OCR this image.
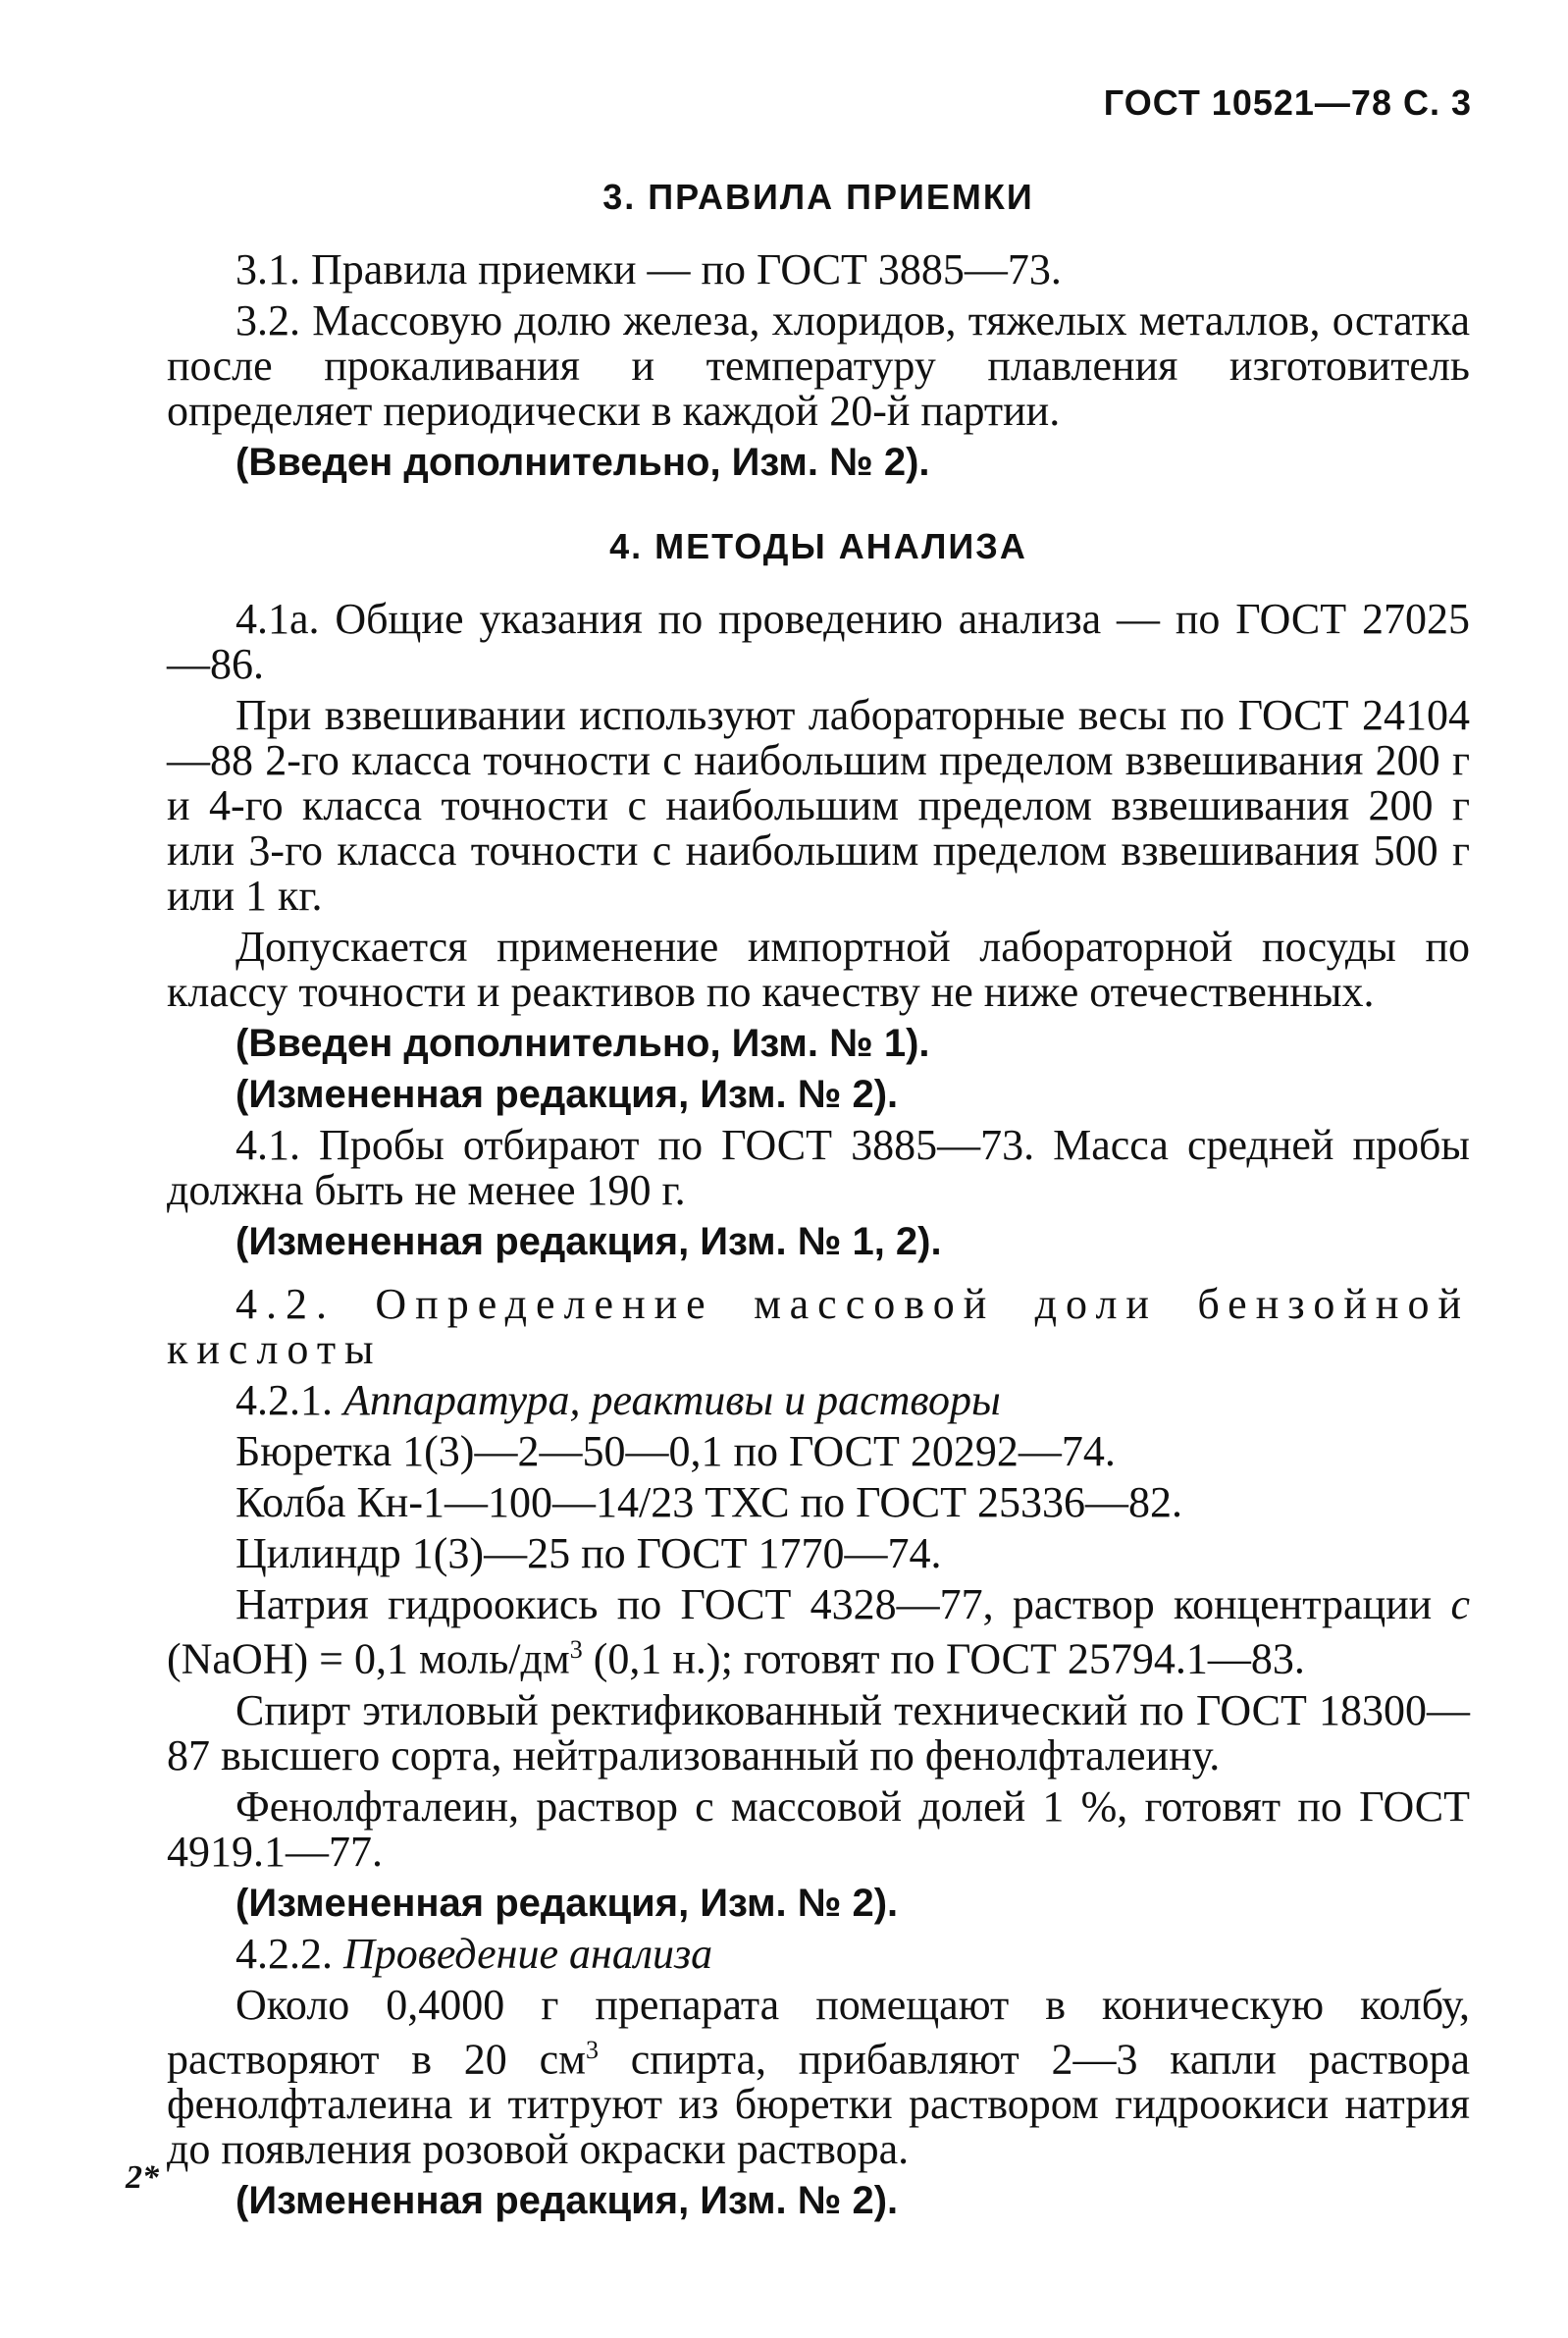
ГОСТ 10521—78 С. 3
3. ПРАВИЛА ПРИЕМКИ

3.1. Правила приемки — по ГОСТ 3885—73.

3.2. Массовую долю железа, хлоридов, тяжелых металлов, остатка после прокаливания и температуру плавления изготовитель определяет периодически в каждой 20-й партии.

(Введен дополнительно, Изм. № 2).

4. МЕТОДЫ АНАЛИЗА

4.1а. Общие указания по проведению анализа — по ГОСТ 27025—86.

При взвешивании используют лабораторные весы по ГОСТ 24104—88 2-го класса точности с наибольшим пределом взвешивания 200 г и 4-го класса точности с наибольшим пределом взвешивания 200 г или 3-го класса точности с наибольшим пределом взвешивания 500 г или 1 кг.

Допускается применение импортной лабораторной посуды по классу точности и реактивов по качеству не ниже отечественных.

(Введен дополнительно, Изм. № 1).

(Измененная редакция, Изм. № 2).

4.1. Пробы отбирают по ГОСТ 3885—73. Масса средней пробы должна быть не менее 190 г.

(Измененная редакция, Изм. № 1, 2).

4.2. Определение массовой доли бензойной кислоты

4.2.1. Аппаратура, реактивы и растворы

Бюретка 1(3)—2—50—0,1 по ГОСТ 20292—74.

Колба Кн-1—100—14/23 ТХС по ГОСТ 25336—82.

Цилиндр 1(3)—25 по ГОСТ 1770—74.

Натрия гидроокись по ГОСТ 4328—77, раствор концентрации c (NaOH) = 0,1 моль/$дм^3$ (0,1 н.); готовят по ГОСТ 25794.1—83.

Спирт этиловый ректификованный технический по ГОСТ 18300—87 высшего сорта, нейтрализованный по фенолфталеину.

Фенолфталеин, раствор с массовой долей 1 %, готовят по ГОСТ 4919.1—77.

(Измененная редакция, Изм. № 2).

4.2.2. Проведение анализа

Около 0,4000 г препарата помещают в коническую колбу, растворяют в 20 $см^3$ спирта, прибавляют 2—3 капли раствора фенолфталеина и титруют из бюретки раствором гидроокиси натрия до появления розовой окраски раствора.

(Измененная редакция, Изм. № 2).

2*
